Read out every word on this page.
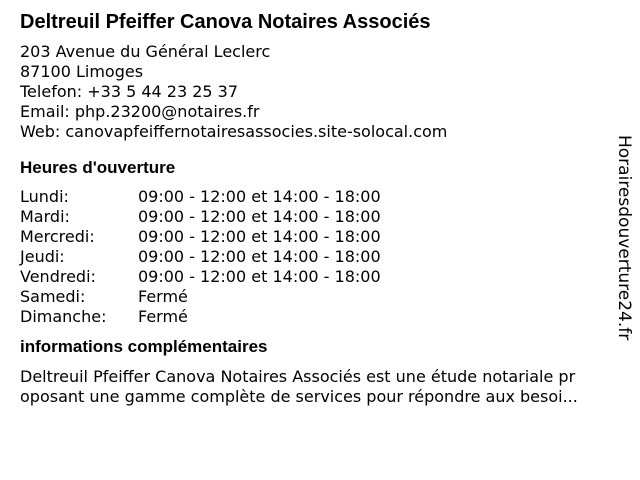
Deltreuil Pfeiffer Canova Notaires Associés
203 Avenue du Général Leclerc
87100 Limoges
Telefon: +33 5 44 23 25 37
Email: php.23200@notaires.fr
Web: canovapfeiffernotairesassocies.site-solocal.com
Heures d'ouverture
Lundi:	09:00 - 12:00 et 14:00 - 18:00
Mardi:	09:00 - 12:00 et 14:00 - 18:00
Mercredi:	09:00 - 12:00 et 14:00 - 18:00
Jeudi:	09:00 - 12:00 et 14:00 - 18:00
Vendredi:	09:00 - 12:00 et 14:00 - 18:00
Samedi:	Fermé
Dimanche:	Fermé
informations complémentaires
Deltreuil Pfeiffer Canova Notaires Associés est une étude notariale pr
oposant une gamme complète de services pour répondre aux besoi...
Horairesdouverture24.fr
